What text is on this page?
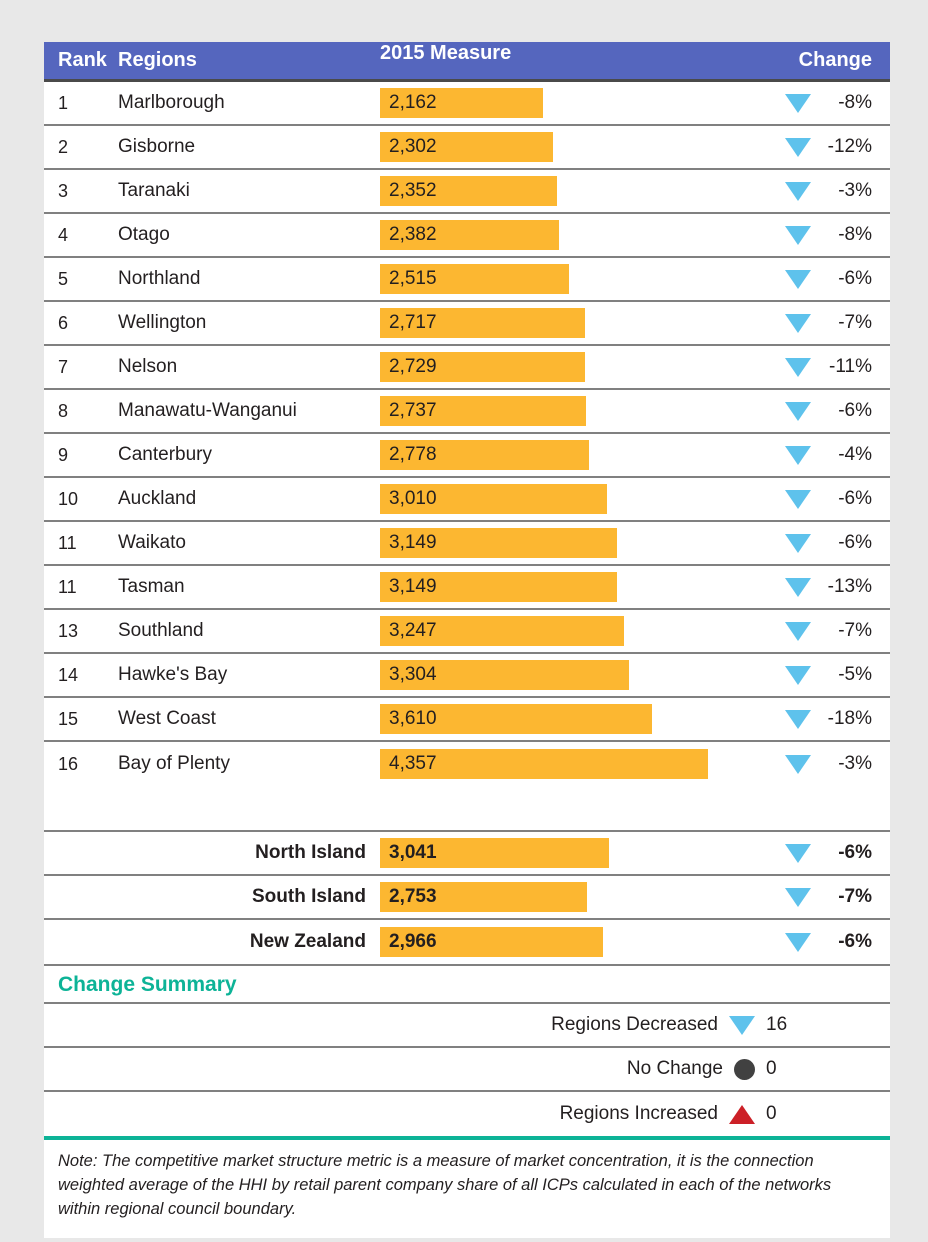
Rank Regions	2015 Measure	Change
1	Marlborough	2,162	-8%
2	Gisborne	2,302	-12%
3	Taranaki	2,352	-3%
4	Otago	2,382	-8%
5	Northland	2,515	-6%
6	Wellington	2,717	-7%
7	Nelson	2,729	-11%
8	Manawatu-Wanganui	2,737	-6%
9	Canterbury	2,778	-4%
10	Auckland	3,010	-6%
11	Waikato	3,149	-6%
11	Tasman	3,149	-13%
13	Southland	3,247	-7%
14	Hawke's Bay	3,304	-5%
15	West Coast	3,610	-18%
16	Bay of Plenty	4,357	-3%
North Island	3,041	-6%
South Island	2,753	-7%
New Zealand	2,966	-6%
Change Summary
Regions Decreased	16
No Change 0
Regions Increased	0
Note: The competitive market structure metric is a measure of market concentration, it is the connection weighted average of the HHI by retail parent company share of all ICPs calculated in each of the networks within regional council boundary.
